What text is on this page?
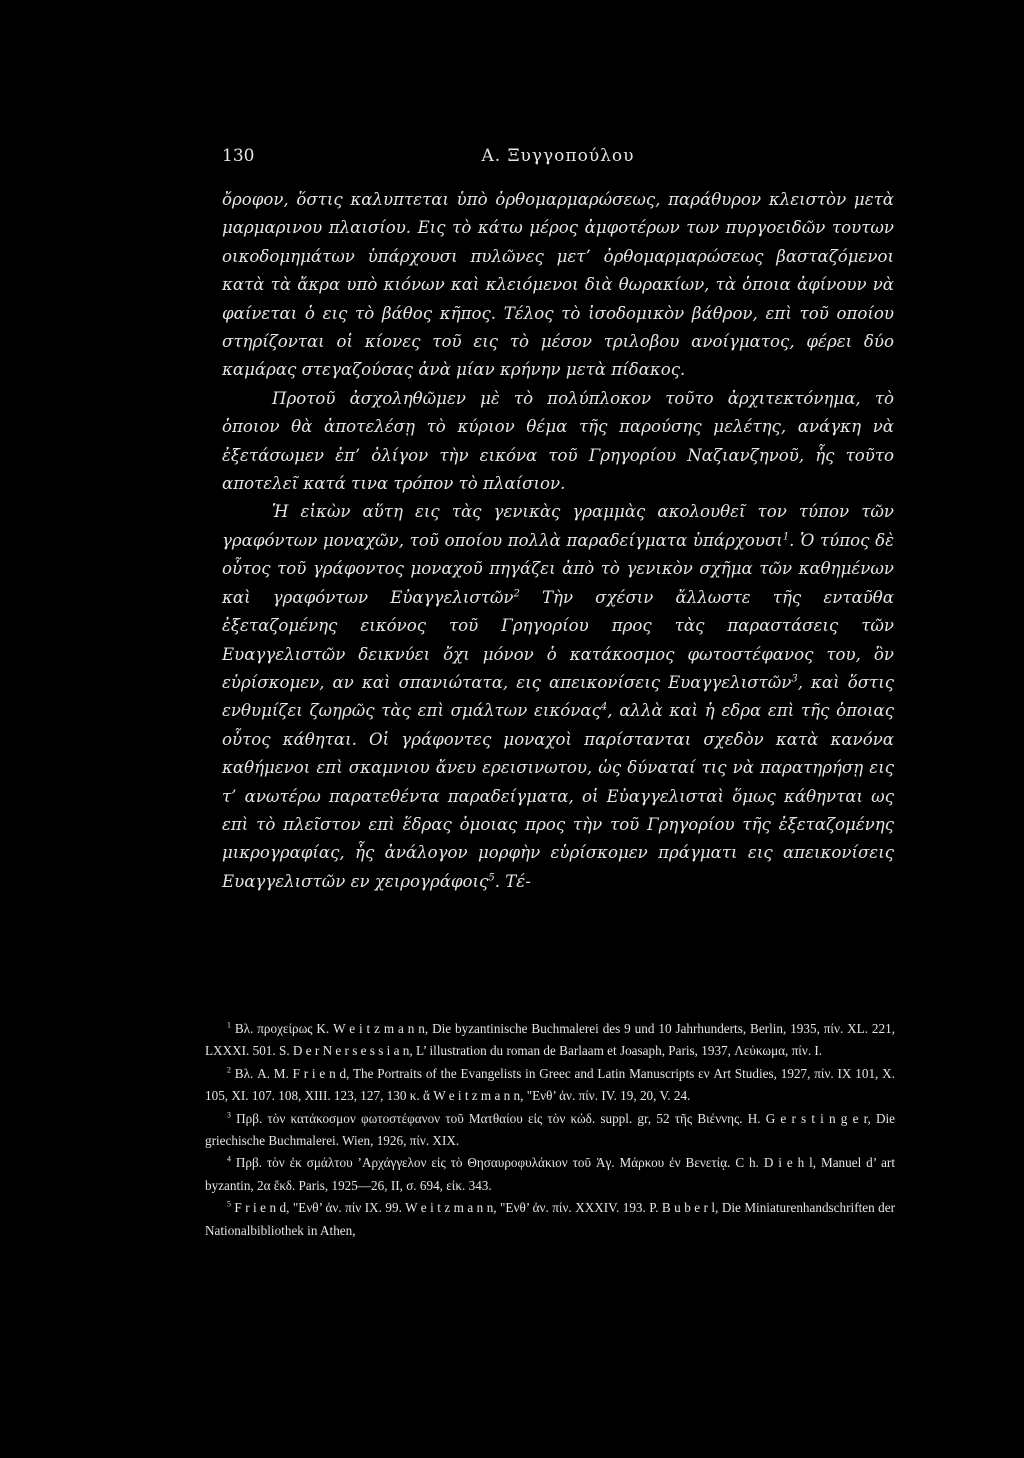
130	Α. Ξυγγοπούλου

ὄροφον, ὅστις καλυπτεται ὑπὸ ὀρθομαρμαρώσεως, παράθυρον κλειστὸν μετὰ μαρμαρινου πλαισίου. Εις τὸ κάτω μέρος ἀμφοτέρων των πυργοειδῶν τουτων οικοδομημάτων ὑπάρχουσι πυλῶνες μετ’ ὀρθομαρμαρώσεως βασταζόμενοι κατὰ τὰ ἄκρα υπὸ κιόνων καὶ κλειόμενοι διὰ θωρακίων, τὰ ὁποια ἀφίνουν νὰ φαίνεται ὁ εις τὸ βάθος κῆπος. Τέλος τὸ ἰσοδομικὸν βάθρον, επὶ τοῦ οποίου στηρίζονται οἱ κίονες τοῦ εις τὸ μέσον τριλοβου ανοίγματος, φέρει δύο καμάρας στεγαζούσας ἀνὰ μίαν κρήνην μετὰ πίδακος.

Προτοῦ ἀσχοληθῶμεν μὲ τὸ πολύπλοκον τοῦτο ἀρχιτεκτόνημα, τὸ ὁποιον θὰ ἀποτελέσῃ τὸ κύριον θέμα τῆς παρούσης μελέτης, ανάγκη νὰ ἐξετάσωμεν ἐπ’ ὀλίγον τὴν εικόνα τοῦ Γρηγορίου Ναζιανζηνοῦ, ἧς τοῦτο αποτελεῖ κατά τινα τρόπον τὸ πλαίσιον.

Ἡ εἰκὼν αὕτη εις τὰς γενικὰς γραμμὰς ακολουθεῖ τον τύπον τῶν γραφόντων μοναχῶν, τοῦ οποίου πολλὰ παραδείγματα ὑπάρχουσι$^1$. Ὁ τύπος δὲ οὗτος τοῦ γράφοντος μοναχοῦ πηγάζει ἀπὸ τὸ γενικὸν σχῆμα τῶν καθημένων καὶ γραφόντων Εὐαγγελιστῶν$^2$ Τὴν σχέσιν ἄλλωστε τῆς ενταῦθα ἐξεταζομένης εικόνος τοῦ Γρηγορίου προς τὰς παραστάσεις τῶν Ευαγγελιστῶν δεικνύει ὄχι μόνον ὁ κατάκοσμος φωτοστέφανος του, ὃν εὑρίσκομεν, αν καὶ σπανιώτατα, εις απεικονίσεις Ευαγγελιστῶν$^3$, καὶ ὅστις ενθυμίζει ζωηρῶς τὰς επὶ σμάλτων εικόνας$^4$, αλλὰ καὶ ἡ εδρα επὶ τῆς ὁποιας οὗτος κάθηται. Οἱ γράφοντες μοναχοὶ παρίστανται σχεδὸν κατὰ κανόνα καθήμενοι επὶ σκαμνιου ἄνευ ερεισινωτου, ὡς δύναταί τις νὰ παρατηρήσῃ εις τ’ ανωτέρω παρατεθέντα παραδείγματα, οἱ Εὐαγγελισταὶ ὅμως κάθηνται ως επὶ τὸ πλεῖστον επὶ ἕδρας ὁμοιας προς τὴν τοῦ Γρηγορίου τῆς ἐξεταζομένης μικρογραφίας, ἧς ἀνάλογον μορφὴν εὑρίσκομεν πράγματι εις απεικονίσεις Ευαγγελιστῶν εν χειρογράφοις$^5$. Τέ-

$^1$ Βλ. προχείρως Κ. W e i t z m a n n, Die byzantinische Buchmalerei des 9 und 10 Jahrhunderts, Berlin, 1935, πίν. XL. 221, LXXXI. 501. S. D e r N e r s e s s i a n, L’ illustration du roman de Barlaam et Joasaph, Paris, 1937, Λεύκωμα, πίν. I.

$^2$ Βλ. A. M. F r i e n d, The Portraits of the Evangelists in Greec and Latin Manuscripts εν Art Studies, 1927, πίν. IX 101, X. 105, XI. 107. 108, XIII. 123, 127, 130 κ. ἄ W e i t z m a n n, "Ενθ’ ἀν. πίν. IV. 19, 20, V. 24.

$^3$ Πρβ. τὸν κατάκοσμον φωτοστέφανον τοῦ Ματθαίου εἰς τὸν κώδ. suppl. gr, 52 τῆς Βιέννης. H. G e r s t i n g e r, Die griechische Buchmalerei. Wien, 1926, πίν. XIX.

$^4$ Πρβ. τὸν ἐκ σμάλτου ’Αρχάγγελον εἰς τὸ Θησαυροφυλάκιον τοῦ Ἁγ. Μάρκου ἐν Βενετίᾳ. C h. D i e h l, Manuel d’ art byzantin, 2α ἔκδ. Paris, 1925—26, II, σ. 694, εἰκ. 343.

$^5$ F r i e n d, "Ενθ’ ἀν. πίν IX. 99. W e i t z m a n n, "Ενθ’ ἀν. πίν. XXXIV. 193. P. B u b e r l, Die Miniaturenhandschriften der Nationalbibliothek in Athen,
